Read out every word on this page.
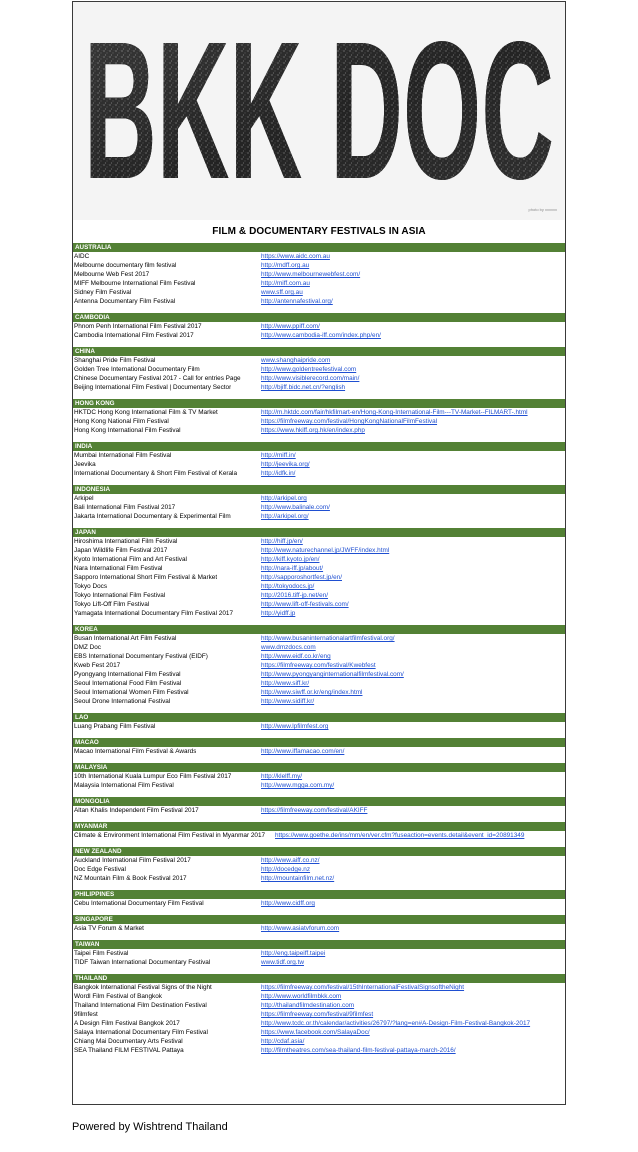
photo by xxxxxx
FILM & DOCUMENTARY FESTIVALS IN ASIA
AUSTRALIA
AIDC	https://www.aidc.com.au
Melbourne documentary film festival	http://mdff.org.au
Melbourne Web Fest 2017	http://www.melbournewebfest.com/
MIFF Melbourne International Film Festival	http://miff.com.au
Sidney Film Festival	www.sff.org.au
Antenna Documentary Film Festival	http://antennafestival.org/
CAMBODIA
Phnom Penh International Film Festival 2017	http://www.ppiff.com/
Cambodia International Film Festival 2017	http://www.cambodia-iff.com/index.php/en/
CHINA
Shanghai Pride Film Festival	www.shanghaipride.com
Golden Tree International Documentary Film	http://www.goldentreefestival.com
Chinese Documentary Festival 2017 - Call for entries Page	http://www.visiblerecord.com/main/
Beijing International Film Festival | Documentary Sector	http://bjiff.bidc.net.cn/?english
HONG KONG
HKTDC Hong Kong International Film & TV Market	http://m.hktdc.com/fair/hkfilmart-en/Hong-Kong-International-Film---TV-Market--FILMART-.html
Hong Kong National Film Festival	https://filmfreeway.com/festival/HongKongNationalFilmFestival
Hong Kong International Film Festival	https://www.hkiff.org.hk/en/index.php
INDIA
Mumbai International Film Festival	http://miff.in/
Jeevika	http://jeevika.org/
International Documentary & Short Film Festival of Kerala	http://idfk.in/
INDONESIA
Arkipel	http://arkipel.org
Bali International Film Festival 2017	http://www.balinale.com/
Jakarta International Documentary & Experimental Film	http://arkipel.org/
JAPAN
Hiroshima International Film Festival	http://hiff.jp/en/
Japan Wildlife Film Festival 2017	http://www.naturechannel.jp/JWFF/index.html
Kyoto International Film and Art Festival	http://kiff.kyoto.jp/en/
Nara International Film Festival	http://nara-iff.jp/about/
Sapporo International Short Film Festival & Market	http://sapporoshortfest.jp/en/
Tokyo Docs	http://tokyodocs.jp/
Tokyo International Film Festival	http://2016.tiff-jp.net/en/
Tokyo Lift-Off Film Festival	http://www.lift-off-festivals.com/
Yamagata International Documentary Film Festival 2017	http://yidff.jp
KOREA
Busan International Art Film Festival	http://www.busaninternationalartfilmfestival.org/
DMZ Doc	www.dmzdocs.com
EBS International Documentary Festival (EIDF)	http://www.eidf.co.kr/eng
Kweb Fest 2017	https://filmfreeway.com/festival/Kwebfest
Pyongyang International Film Festival	http://www.pyongyanginternationalfilmfestival.com/
Seoul International Food Film Festival	http://www.siff.kr/
Seoul International Women Film Festival	http://www.siwff.or.kr/eng/index.html
Seoul Drone International Festival	http://www.sidiff.kr/
LAO
Luang Prabang Film Festival	http://www.lpfilmfest.org
MACAO
Macao International Film Festival & Awards	http://www.iffamacao.com/en/
MALAYSIA
10th International Kuala Lumpur Eco Film Festival 2017	http://klelff.my/
Malaysia International Film Festival	http://www.mgga.com.my/
MONGOLIA
Altan Khalis Independent Film Festival 2017	https://filmfreeway.com/festival/AKIFF
MYANMAR
Climate & Environment International Film Festival in Myanmar 2017 https://www.goethe.de/ins/mm/en/ver.cfm?fuseaction=events.detail&event_id=20891349
NEW ZEALAND
Auckland International Film Festival 2017	http://www.aiff.co.nz/
Doc Edge Festival	http://docedge.nz
NZ Mountain Film & Book Festival 2017	http://mountainfilm.net.nz/
PHILIPPINES
Cebu International Documentary Film Festival	http://www.cidff.org
SINGAPORE
Asia TV Forum & Market	http://www.asiatvforum.com
TAIWAN
Taipei Film Festival	http://eng.taipeiff.taipei
TIDF Taiwan International Documentary Festival	www.tidf.org.tw
THAILAND
Bangkok International Festival Signs of the Night	https://filmfreeway.com/festival/15thInternationalFestivalSignsoftheNight
Wordl Film Festival of Bangkok	http://www.worldfilmbkk.com
Thailand International Film Destination Festival	http://thailandfilmdestination.com
9filmfest	https://filmfreeway.com/festival/9filmfest
A Design Film Festival Bangkok 2017	http://www.tcdc.or.th/calendar/activities/26797/?lang=en#A-Design-Film-Festival-Bangkok-2017
Salaya International Documentary Film Festival	https://www.facebook.com/SalayaDoc/
Chiang Mai Documentary Arts Festival	http://cdaf.asia/
SEA Thailand FILM FESTIVAL Pattaya	http://filmtheatres.com/sea-thailand-film-festival-pattaya-march-2016/
Powered by Wishtrend Thailand
